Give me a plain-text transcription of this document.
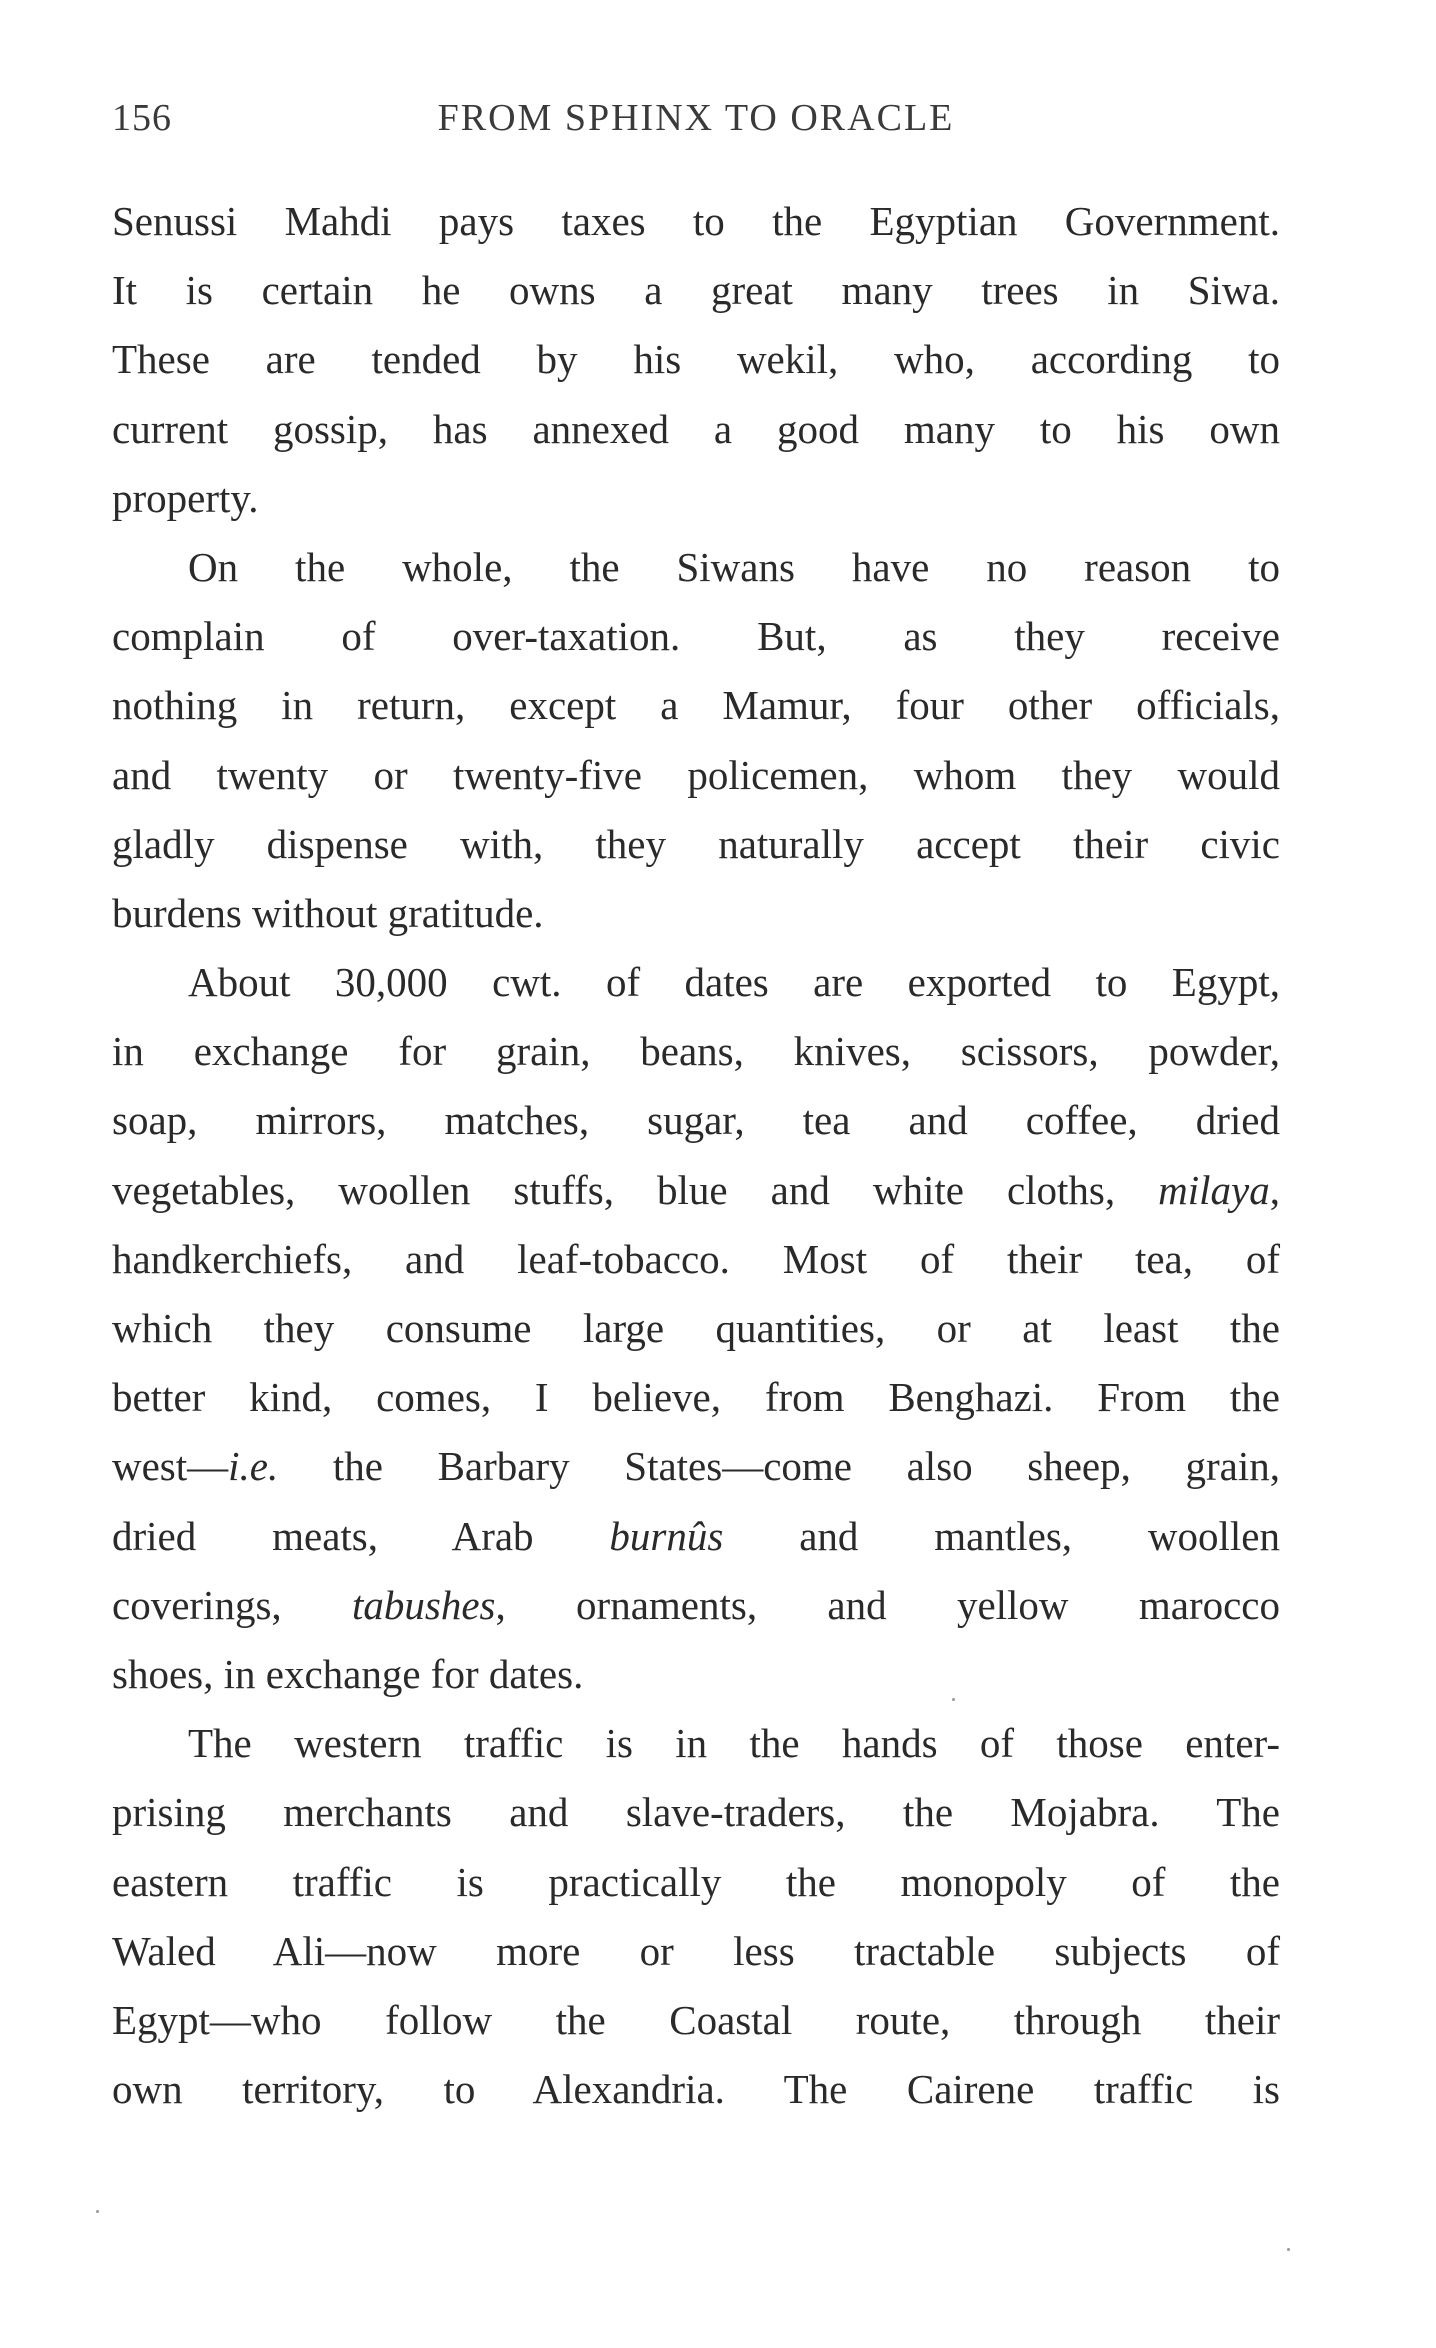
156	FROM SPHINX TO ORACLE
Senussi Mahdi pays taxes to the Egyptian Government.
It is certain he owns a great many trees in Siwa.
These are tended by his wekil, who, according to
current gossip, has annexed a good many to his own
property.
On the whole, the Siwans have no reason to
complain of over-taxation. But, as they receive
nothing in return, except a Mamur, four other officials,
and twenty or twenty-five policemen, whom they would
gladly dispense with, they naturally accept their civic
burdens without gratitude.
About 30,000 cwt. of dates are exported to Egypt,
in exchange for grain, beans, knives, scissors, powder,
soap, mirrors, matches, sugar, tea and coffee, dried
vegetables, woollen stuffs, blue and white cloths, milaya,
handkerchiefs, and leaf-tobacco. Most of their tea, of
which they consume large quantities, or at least the
better kind, comes, I believe, from Benghazi. From the
west—i.e. the Barbary States—come also sheep, grain,
dried meats, Arab burnûs and mantles, woollen
coverings, tabushes, ornaments, and yellow marocco
shoes, in exchange for dates.
The western traffic is in the hands of those enter-
prising merchants and slave-traders, the Mojabra. The
eastern traffic is practically the monopoly of the
Waled Ali—now more or less tractable subjects of
Egypt—who follow the Coastal route, through their
own territory, to Alexandria. The Cairene traffic is
